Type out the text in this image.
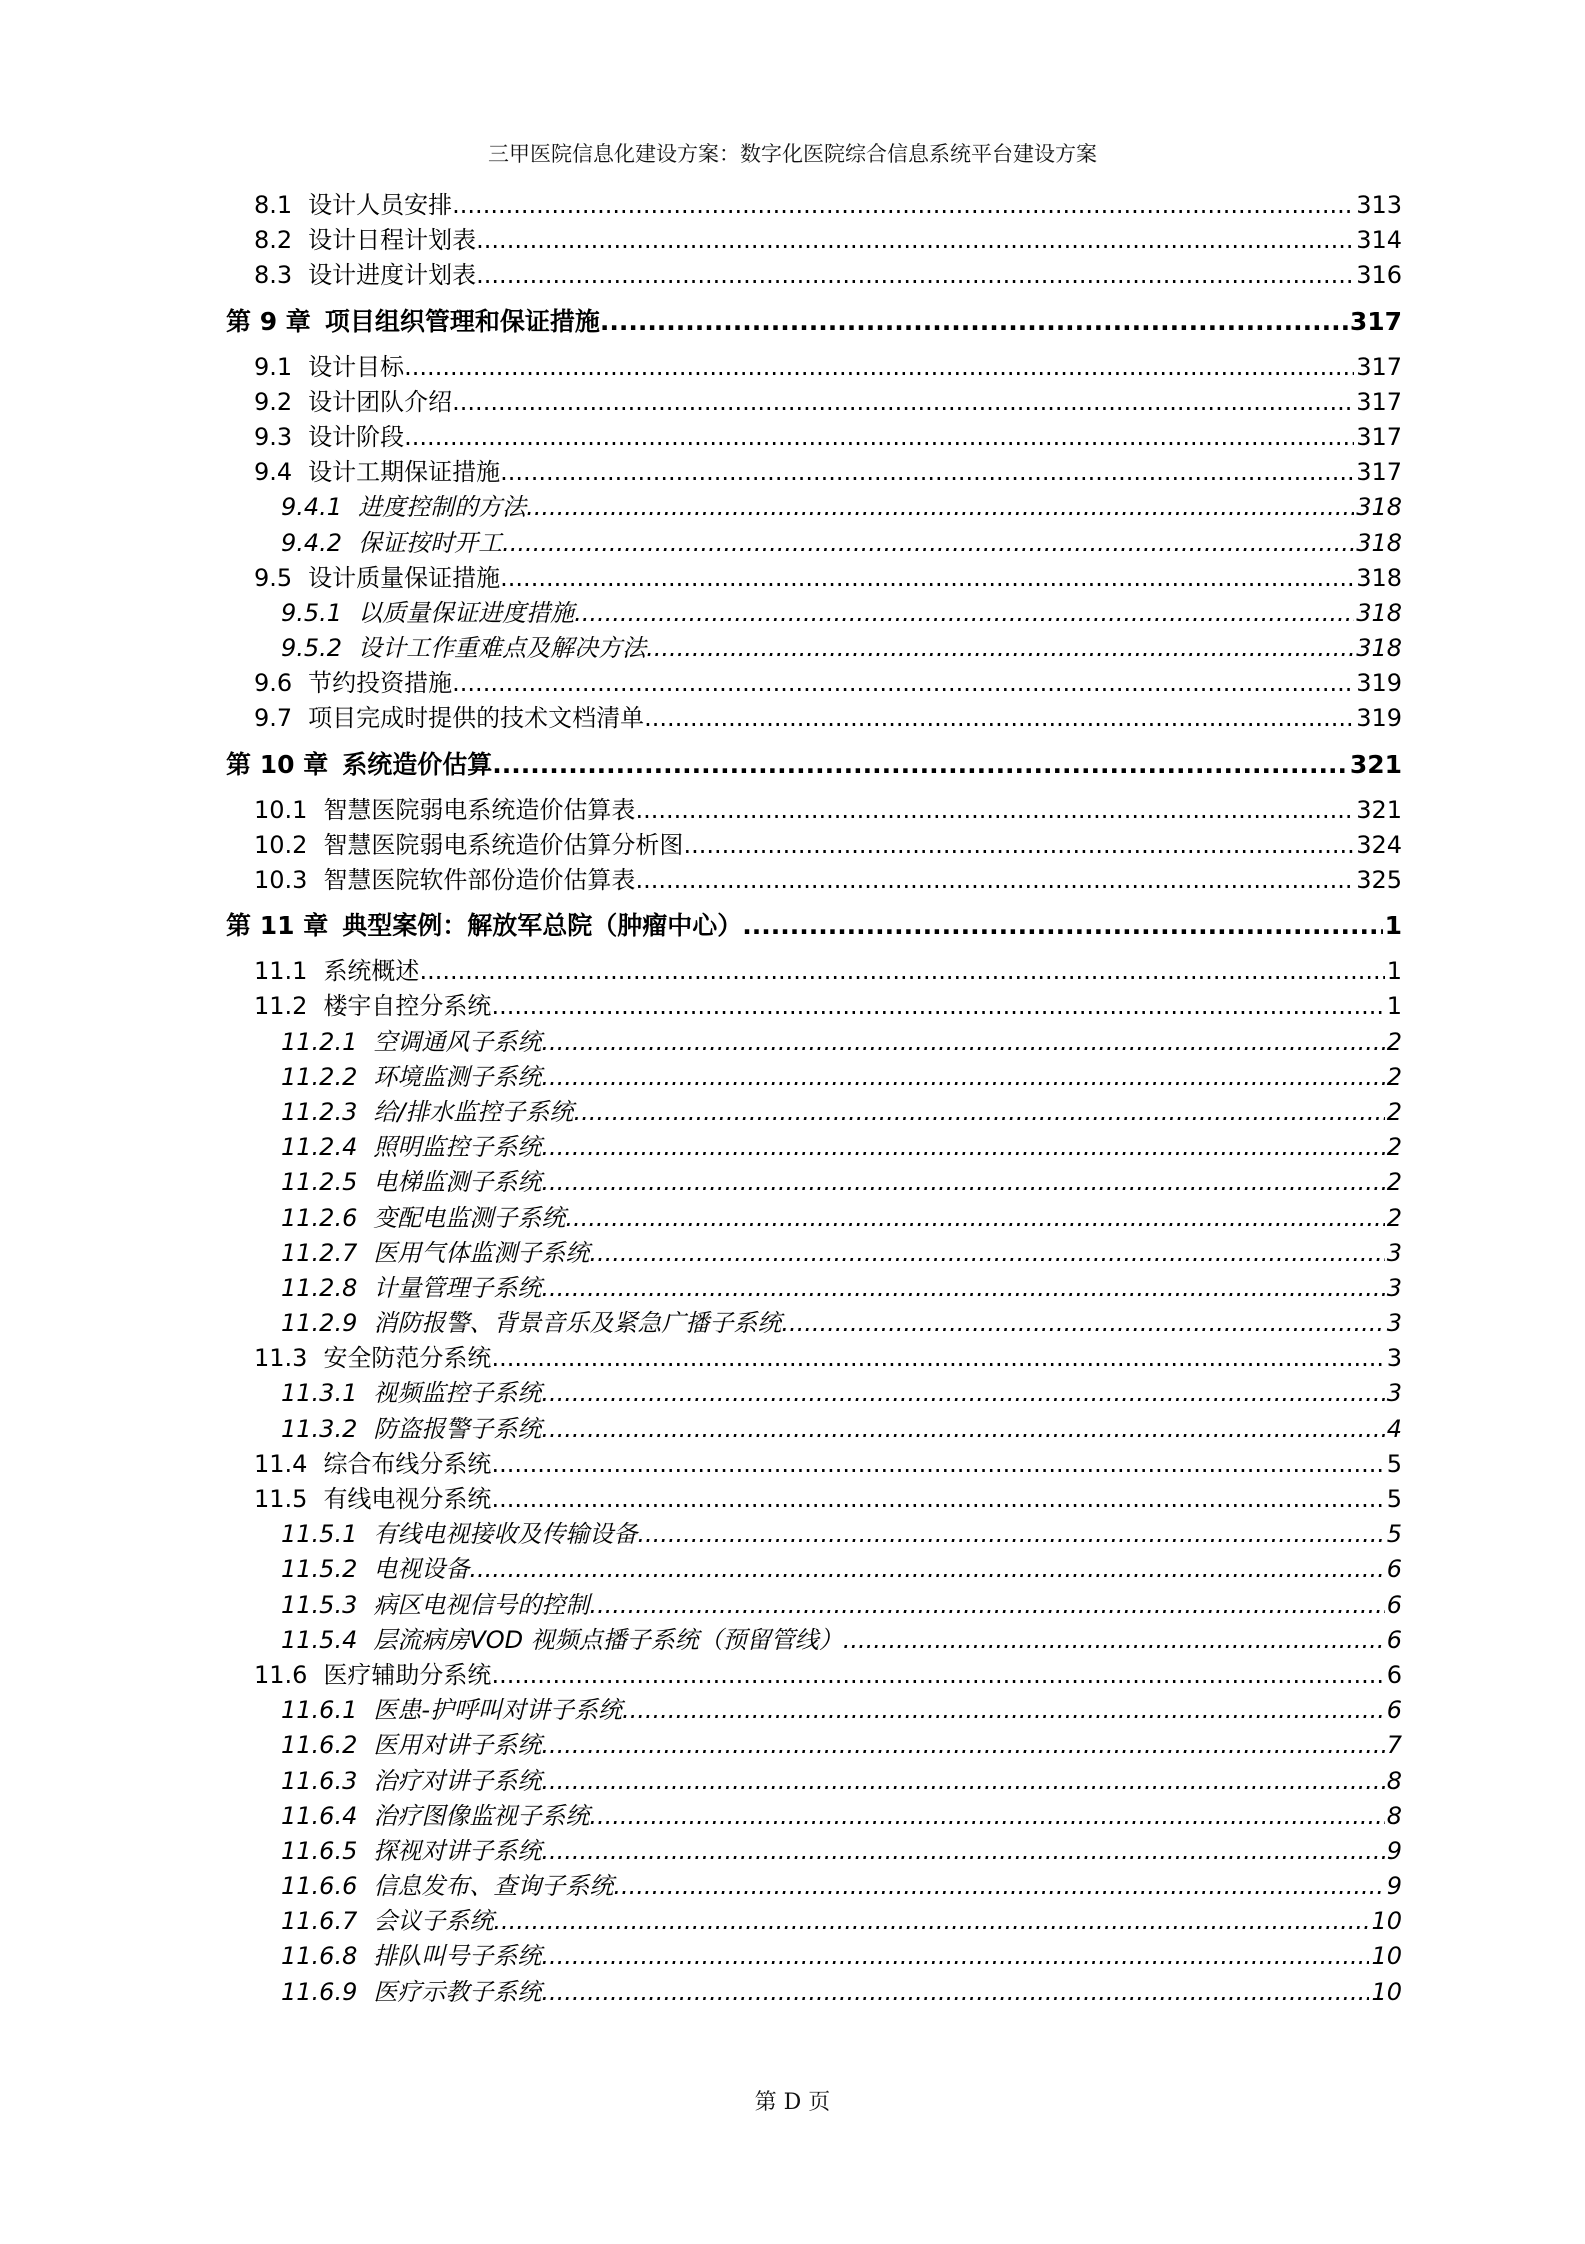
三甲医院信息化建设方案：数字化医院综合信息系统平台建设方案
8.1 设计人员安排 .....	313
8.2 设计日程计划表 .....	314
8.3 设计进度计划表 .....	316
第 9 章 项目组织管理和保证措施 .....	317
9.1 设计目标 .....	317
9.2 设计团队介绍 .....	317
9.3 设计阶段 .....	317
9.4 设计工期保证措施 .....	317
9.4.1 进度控制的方法 .....	318
9.4.2 保证按时开工 .....	318
9.5 设计质量保证措施 .....	318
9.5.1 以质量保证进度措施 .....	318
9.5.2 设计工作重难点及解决方法 .....	318
9.6 节约投资措施 .....	319
9.7 项目完成时提供的技术文档清单 .....	319
第 10 章 系统造价估算 .....	321
10.1 智慧医院弱电系统造价估算表 .....	321
10.2 智慧医院弱电系统造价估算分析图 .....	324
10.3 智慧医院软件部份造价估算表 .....	325
第 11 章 典型案例：解放军总院（肿瘤中心） .....	1
11.1 系统概述 .....	1
11.2 楼宇自控分系统 .....	1
11.2.1 空调通风子系统 .....	2
11.2.2 环境监测子系统 .....	2
11.2.3 给/排水监控子系统 .....	2
11.2.4 照明监控子系统 .....	2
11.2.5 电梯监测子系统 .....	2
11.2.6 变配电监测子系统 .....	2
11.2.7 医用气体监测子系统 .....	3
11.2.8 计量管理子系统 .....	3
11.2.9 消防报警、背景音乐及紧急广播子系统 .....	3
11.3 安全防范分系统 .....	3
11.3.1 视频监控子系统 .....	3
11.3.2 防盗报警子系统 .....	4
11.4 综合布线分系统 .....	5
11.5 有线电视分系统 .....	5
11.5.1 有线电视接收及传输设备 .....	5
11.5.2 电视设备 .....	6
11.5.3 病区电视信号的控制 .....	6
11.5.4 层流病房VOD 视频点播子系统（预留管线） .....	6
11.6 医疗辅助分系统 .....	6
11.6.1 医患-护呼叫对讲子系统 .....	6
11.6.2 医用对讲子系统 .....	7
11.6.3 治疗对讲子系统 .....	8
11.6.4 治疗图像监视子系统 .....	8
11.6.5 探视对讲子系统 .....	9
11.6.6 信息发布、查询子系统 .....	9
11.6.7 会议子系统 .....	10
11.6.8 排队叫号子系统 .....	10
11.6.9 医疗示教子系统 .....	10
第 D 页
